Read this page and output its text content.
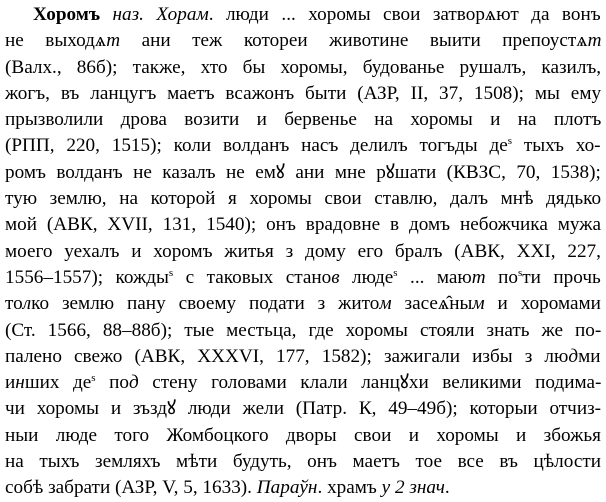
Хоромъ наз. Хорам. люди ... хоромы свои затворѧют да вонъ
не выходѧт ани теж котореи животине выити препоустѧт
(Валх., 86б); также, хто бы хоромы, будованье рушалъ, казилъ,
жогъ, въ ланцугъ маетъ всажонъ быти (АЗР, II, 37, 1508); мы ему
прызволили дрова возити и бервенье на хоромы и на плотъ
(РПП, 220, 1515); коли волданъ насъ делилъ тогъды $де^s$ тыхъ хо-
ромъ волданъ не казалъ не емꙋ ани мне рꙋшати (КВЗС, 70, 1538);
тую землю, на которой я хоромы свои ставлю, далъ мнѣ дядько
мой (АВК, XVII, 131, 1540); онъ врадовне в домъ небожчика мужа
моего уехалъ и хоромъ житья з дому его бралъ (АВК, XXI, 227,
1556–1557); кожды$^s$ с таковых станов люде$^s$ ... мают $по^sти$ прочь
толко землю пану своему подати з житом засеѧ̂ным и хоромами
(Ст. 1566, 88–88б); тые местьца, где хоромы стояли знать же по-
палено свежо (АВК, XXXVI, 177, 1582); зажигали избы з людми
инших $де^s$ под стену головами клали ланцꙋхи великими подима-
чи хоромы и зъздꙋ люди жели (Патр. К, 49–49б); которыи отчиз-
ныи люде того Жомбоцкого дворы свои и хоромы и збожья
на тыхъ земляхъ мѣти будуть, онъ маетъ тое все въ цѣлости
собѣ забрати (АЗР, V, 5, 1633). Параўн. храмъ у 2 знач.
